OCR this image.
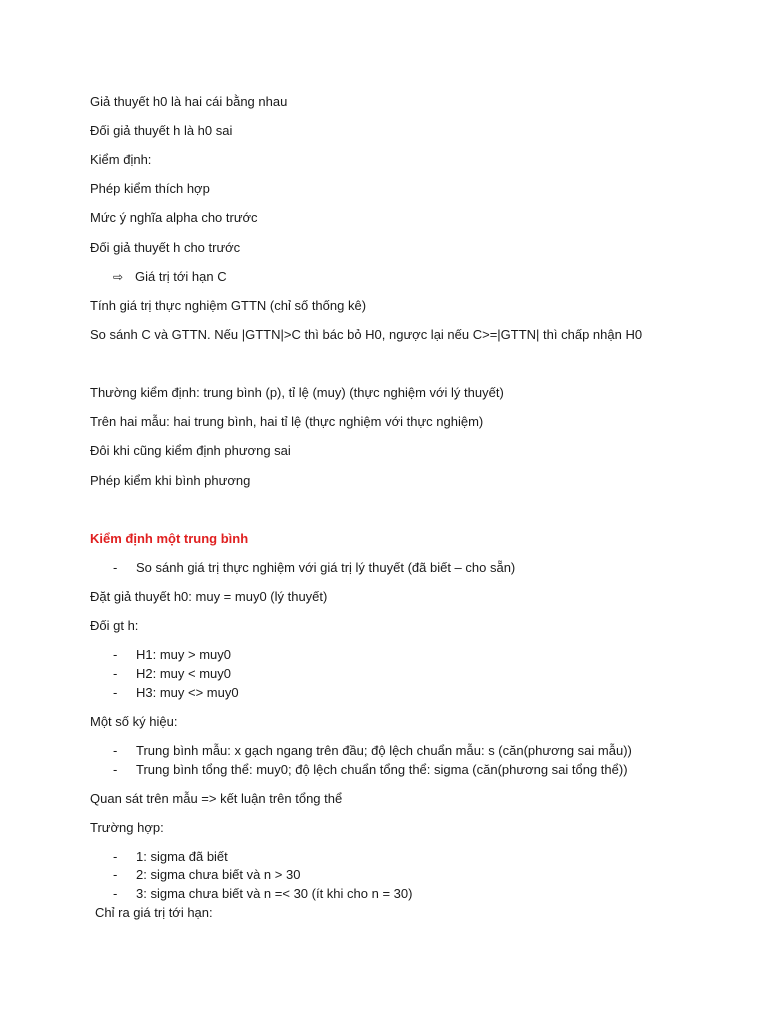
Giả thuyết h0 là hai cái bằng nhau
Đối giả thuyết h là h0 sai
Kiểm định:
Phép kiểm thích hợp
Mức ý nghĩa alpha cho trước
Đối giả thuyết h cho trước
⇨ Giá trị tới hạn C
Tính giá trị thực nghiệm GTTN (chỉ số thống kê)
So sánh C và GTTN. Nếu |GTTN|>C thì bác bỏ H0, ngược lại nếu C>=|GTTN| thì chấp nhận H0
Thường kiểm định: trung bình (p), tỉ lệ (muy) (thực nghiệm với lý thuyết)
Trên hai mẫu: hai trung bình, hai tỉ lệ (thực nghiệm với thực nghiệm)
Đôi khi cũng kiểm định phương sai
Phép kiểm khi bình phương
Kiểm định một trung bình
- So sánh giá trị thực nghiệm với giá trị lý thuyết (đã biết – cho sẵn)
Đặt giả thuyết h0: muy = muy0 (lý thuyết)
Đối gt h:
- H1: muy > muy0
- H2: muy < muy0
- H3: muy <> muy0
Một số ký hiệu:
- Trung bình mẫu: x gạch ngang trên đầu; độ lệch chuẩn mẫu: s (căn(phương sai mẫu))
- Trung bình tổng thể: muy0; độ lệch chuẩn tổng thể: sigma (căn(phương sai tổng thể))
Quan sát trên mẫu => kết luận trên tổng thể
Trường hợp:
- 1: sigma đã biết
- 2: sigma chưa biết và n > 30
- 3: sigma chưa biết và n =< 30 (ít khi cho n = 30)
Chỉ ra giá trị tới hạn:
